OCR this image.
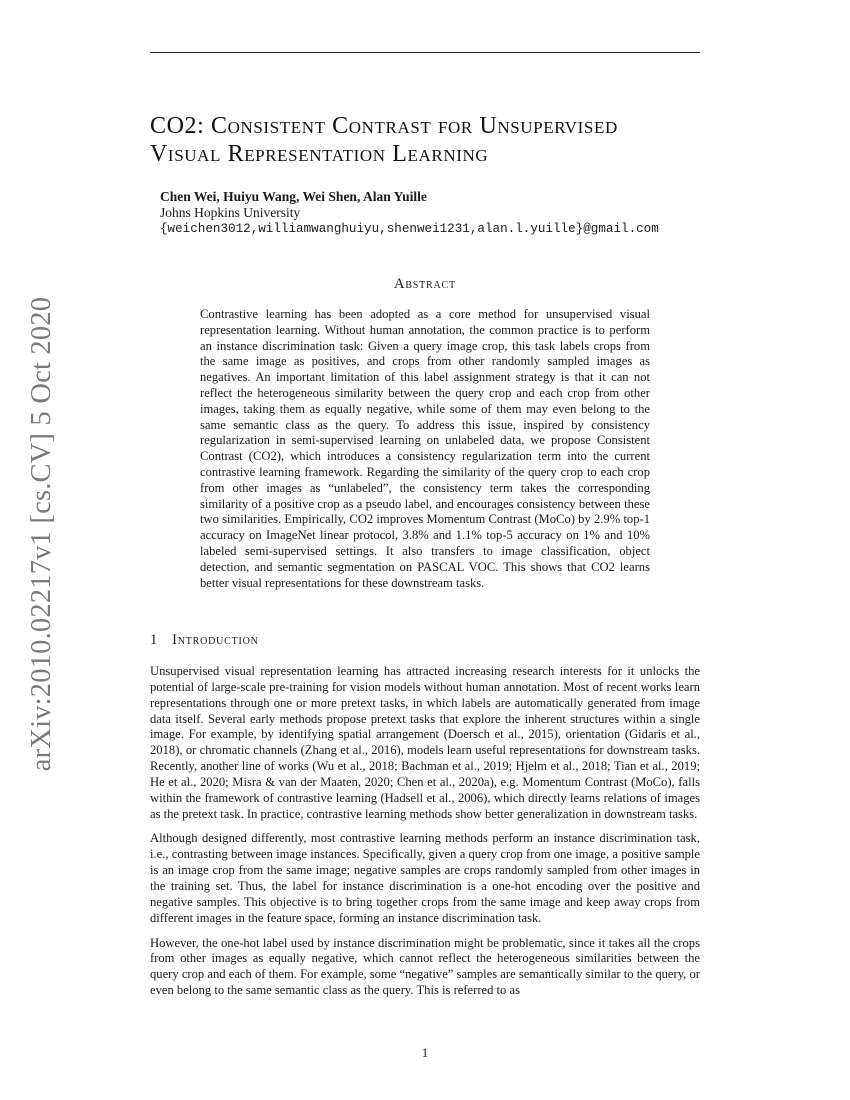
arXiv:2010.02217v1 [cs.CV] 5 Oct 2020
CO2: Consistent Contrast for Unsupervised
Visual Representation Learning
Chen Wei, Huiyu Wang, Wei Shen, Alan Yuille
Johns Hopkins University
{weichen3012,williamwanghuiyu,shenwei1231,alan.l.yuille}@gmail.com
Abstract

Contrastive learning has been adopted as a core method for unsupervised visual representation learning. Without human annotation, the common practice is to perform an instance discrimination task: Given a query image crop, this task labels crops from the same image as positives, and crops from other randomly sampled images as negatives. An important limitation of this label assignment strategy is that it can not reflect the heterogeneous similarity between the query crop and each crop from other images, taking them as equally negative, while some of them may even belong to the same semantic class as the query. To address this issue, inspired by consistency regularization in semi-supervised learning on unlabeled data, we propose Consistent Contrast (CO2), which introduces a consistency regularization term into the current contrastive learning framework. Regarding the similarity of the query crop to each crop from other images as “unlabeled”, the consistency term takes the corresponding similarity of a positive crop as a pseudo label, and encourages consistency between these two similarities. Empirically, CO2 improves Momentum Contrast (MoCo) by 2.9% top-1 accuracy on ImageNet linear protocol, 3.8% and 1.1% top-5 accuracy on 1% and 10% labeled semi-supervised settings. It also transfers to image classification, object detection, and semantic segmentation on PASCAL VOC. This shows that CO2 learns better visual representations for these downstream tasks.

1 Introduction

Unsupervised visual representation learning has attracted increasing research interests for it unlocks the potential of large-scale pre-training for vision models without human annotation. Most of recent works learn representations through one or more pretext tasks, in which labels are automatically generated from image data itself. Several early methods propose pretext tasks that explore the inherent structures within a single image. For example, by identifying spatial arrangement (Doersch et al., 2015), orientation (Gidaris et al., 2018), or chromatic channels (Zhang et al., 2016), models learn useful representations for downstream tasks. Recently, another line of works (Wu et al., 2018; Bachman et al., 2019; Hjelm et al., 2018; Tian et al., 2019; He et al., 2020; Misra & van der Maaten, 2020; Chen et al., 2020a), e.g. Momentum Contrast (MoCo), falls within the framework of contrastive learning (Hadsell et al., 2006), which directly learns relations of images as the pretext task. In practice, contrastive learning methods show better generalization in downstream tasks.

Although designed differently, most contrastive learning methods perform an instance discrimination task, i.e., contrasting between image instances. Specifically, given a query crop from one image, a positive sample is an image crop from the same image; negative samples are crops randomly sampled from other images in the training set. Thus, the label for instance discrimination is a one-hot encoding over the positive and negative samples. This objective is to bring together crops from the same image and keep away crops from different images in the feature space, forming an instance discrimination task.

However, the one-hot label used by instance discrimination might be problematic, since it takes all the crops from other images as equally negative, which cannot reflect the heterogeneous similarities between the query crop and each of them. For example, some “negative” samples are semantically similar to the query, or even belong to the same semantic class as the query. This is referred to as

1
